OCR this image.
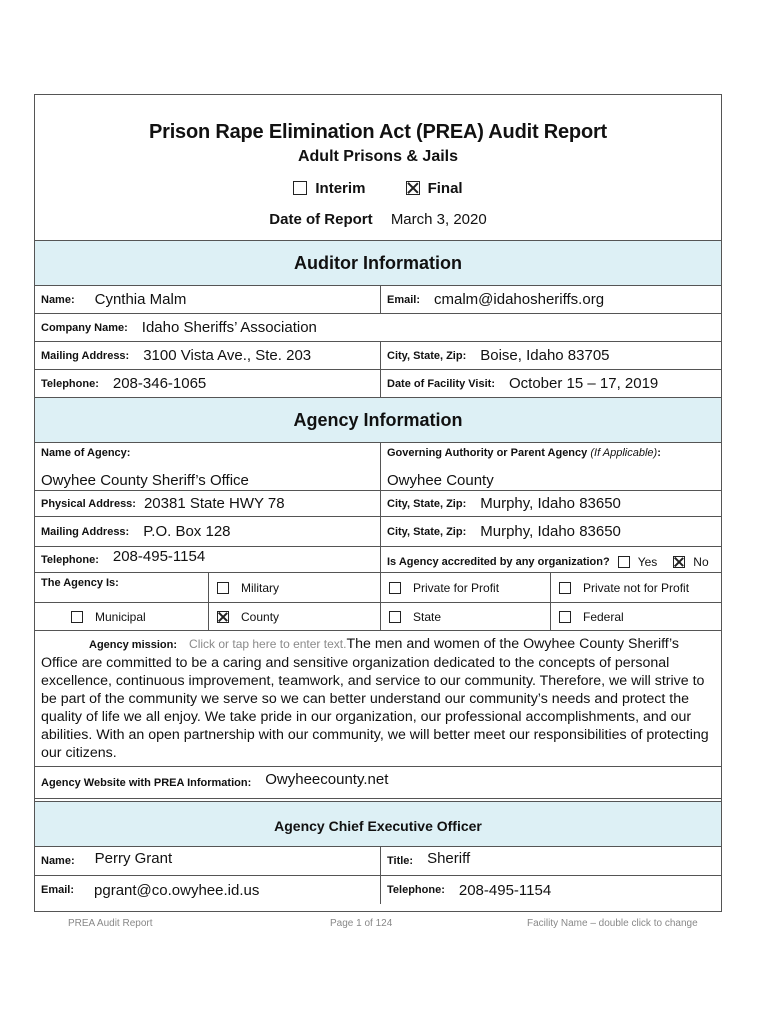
Prison Rape Elimination Act (PREA) Audit Report
Adult Prisons & Jails
Interim	Final
Date of Report March 3, 2020
Auditor Information
Name: Cynthia Malm	Email: cmalm@idahosheriffs.org
Company Name: Idaho Sheriffs’ Association
Mailing Address: 3100 Vista Ave., Ste. 203	City, State, Zip: Boise, Idaho 83705
Telephone: 208-346-1065	Date of Facility Visit: October 15 – 17, 2019
Agency Information
Name of Agency:
Owyhee County Sheriff’s Office
Governing Authority or Parent Agency (If Applicable):
Owyhee County
Physical Address: 20381 State HWY 78	City, State, Zip: Murphy, Idaho 83650
Mailing Address: P.O. Box 128	City, State, Zip: Murphy, Idaho 83650
Telephone: 208-495-1154	Is Agency accredited by any organization? Yes	No
The Agency Is:	Military	Private for Profit	Private not for Profit
Municipal	County	State	Federal
Agency mission: Click or tap here to enter text.The men and women of the Owyhee County Sheriff’s Office are committed to be a caring and sensitive organization dedicated to the concepts of personal excellence, continuous improvement, teamwork, and service to our community. Therefore, we will strive to be part of the community we serve so we can better understand our community’s needs and protect the quality of life we all enjoy. We take pride in our organization, our professional accomplishments, and our abilities. With an open partnership with our community, we will better meet our responsibilities of protecting our citizens.
Agency Website with PREA Information: Owyheecounty.net
Agency Chief Executive Officer
Name: Perry Grant	Title: Sheriff
Email: pgrant@co.owyhee.id.us	Telephone: 208-495-1154
PREA Audit Report	Page 1 of 124	Facility Name – double click to change
